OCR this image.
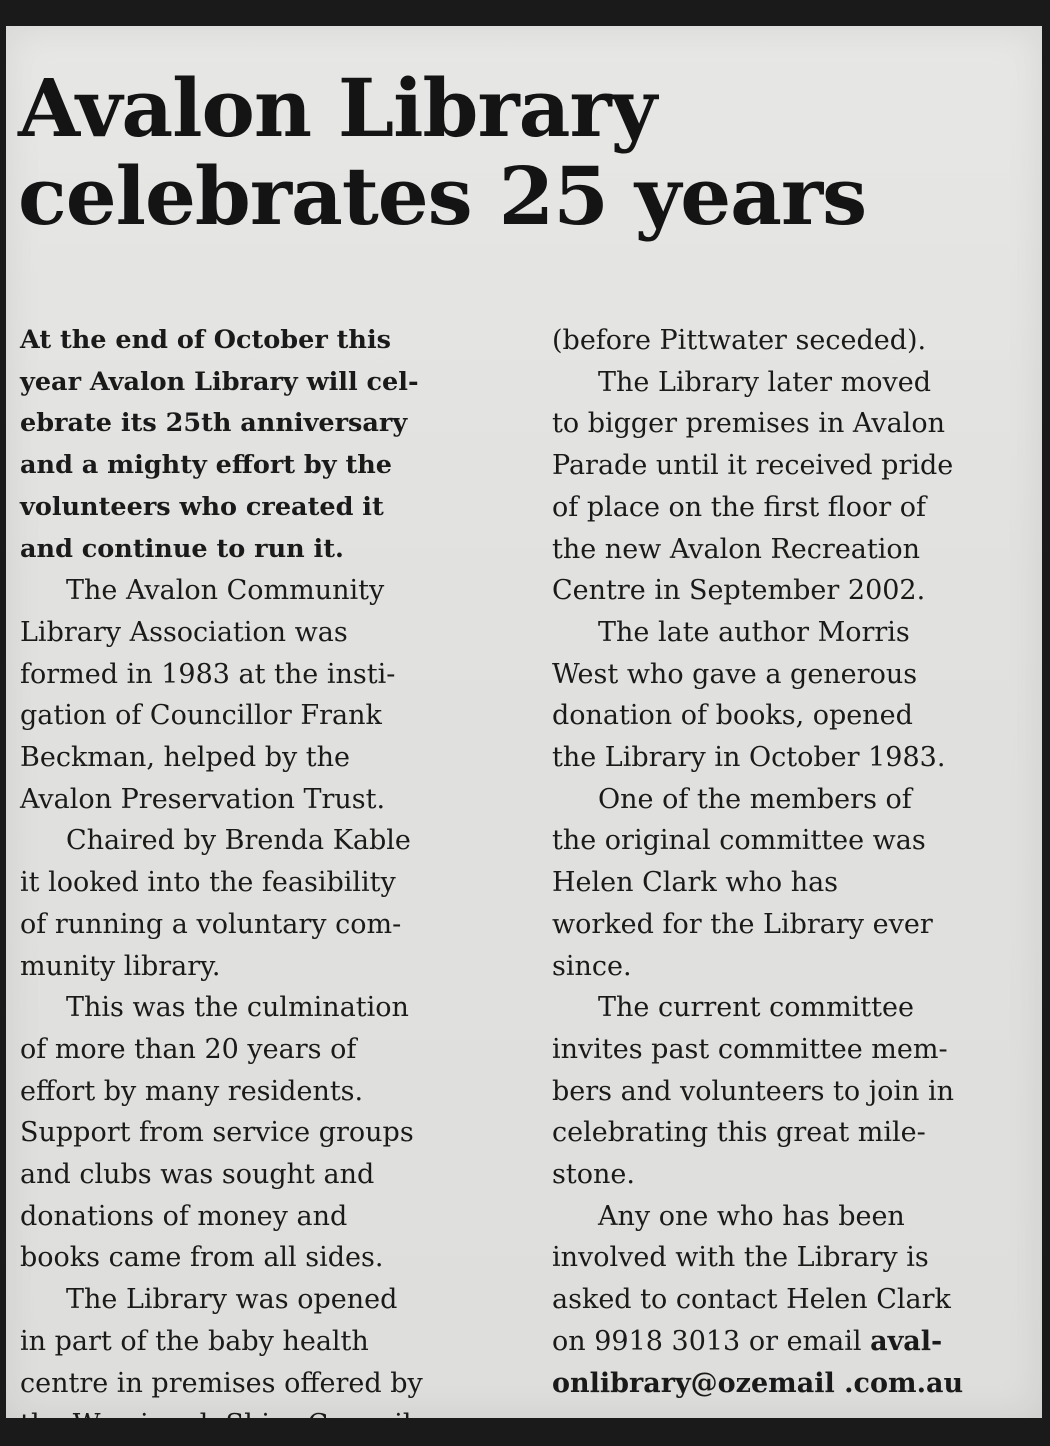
Avalon Library
celebrates 25 years
At the end of October this
year Avalon Library will cel-
ebrate its 25th anniversary
and a mighty effort by the
volunteers who created it
and continue to run it.
The Avalon Community
Library Association was
formed in 1983 at the insti-
gation of Councillor Frank
Beckman, helped by the
Avalon Preservation Trust.
Chaired by Brenda Kable
it looked into the feasibility
of running a voluntary com-
munity library.
This was the culmination
of more than 20 years of
effort by many residents.
Support from service groups
and clubs was sought and
donations of money and
books came from all sides.
The Library was opened
in part of the baby health
centre in premises offered by
the Warringah Shire Council
(before Pittwater seceded).
The Library later moved
to bigger premises in Avalon
Parade until it received pride
of place on the first floor of
the new Avalon Recreation
Centre in September 2002.
The late author Morris
West who gave a generous
donation of books, opened
the Library in October 1983.
One of the members of
the original committee was
Helen Clark who has
worked for the Library ever
since.
The current committee
invites past committee mem-
bers and volunteers to join in
celebrating this great mile-
stone.
Any one who has been
involved with the Library is
asked to contact Helen Clark
on 9918 3013 or email aval-
onlibrary@ozemail .com.au
